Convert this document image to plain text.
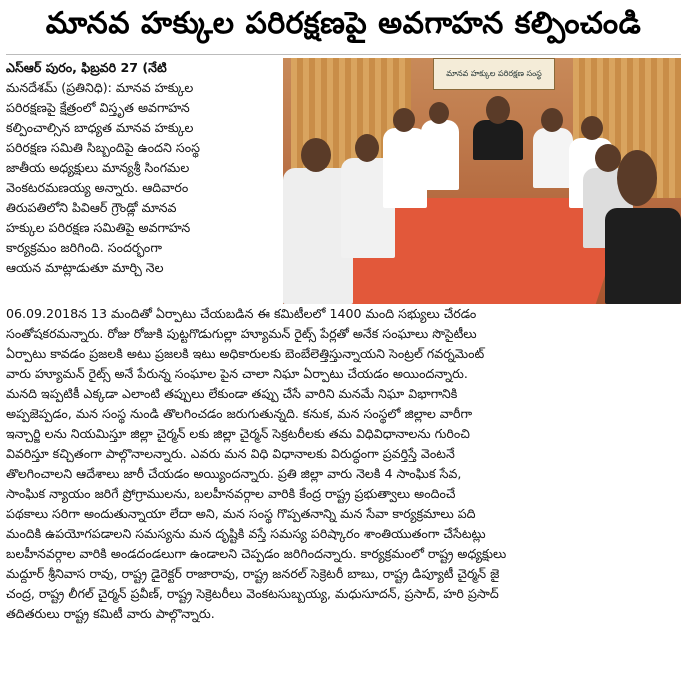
మానవ హక్కుల పరిరక్షణపై అవగాహన కల్పించండి
మానవ హక్కుల పరిరక్షణ సంస్థ
ఎస్‌ఆర్ పురం, ఫిబ్రవరి 27 (నేటి
మనదేశమ్ (ప్రతినిధి): మానవ హక్కుల
పరిరక్షణపై క్షేత్రంలో విస్తృత అవగాహన
కల్పించాల్సిన బాధ్యత మానవ హక్కుల
పరిరక్షణ సమితి సిబ్బందిపై ఉందని సంస్థ
జాతీయ అధ్యక్షులు మాన్యశ్రీ సింగమల
వెంకటరమణయ్య అన్నారు. ఆదివారం
తిరుపతిలోని పివిఆర్ గ్రౌండ్లో మానవ
హక్కుల పరిరక్షణ సమితిపై అవగాహన
కార్యక్రమం జరిగింది. సందర్భంగా
ఆయన మాట్లాడుతూ మార్చి నెల
06.09.2018న 13 మందితో ఏర్పాటు చేయబడిన ఈ కమిటీలలో 1400 మంది సభ్యులు చేరడం
సంతోషకరమన్నారు. రోజు రోజుకి పుట్టగొడుగుల్లా హ్యూమన్ రైట్స్ పేర్లతో అనేక సంఘాలు సొసైటీలు
ఏర్పాటు కావడం ప్రజలకి అటు ప్రజలకి ఇటు అధికారులకు బెంబేలెత్తిస్తున్నాయని సెంట్రల్ గవర్నమెంట్
వారు హ్యూమన్ రైట్స్ అనే పేరున్న సంఘాల పైన చాలా నిఘా ఏర్పాటు చేయడం అయిందన్నారు.
మనది ఇప్పటికీ ఎక్కడా ఎలాంటి తప్పులు లేకుండా తప్పు చేసే వారిని మనమే నిఘా విభాగానికి
అప్పజెప్పడం, మన సంస్థ నుండి తొలగించడం జరుగుతున్నది. కనుక, మన సంస్థలో జిల్లాల వారీగా
ఇన్చార్జి లను నియమిస్తూ జిల్లా చైర్మన్ లకు జిల్లా చైర్మన్ సెక్రటరీలకు తమ విధివిధానాలను గురించి
వివరిస్తూ కచ్చితంగా పాల్గొనాలన్నారు. ఎవరు మన విధి విధానాలకు విరుద్ధంగా ప్రవర్తిస్తే వెంటనే
తొలగించాలని ఆదేశాలు జారీ చేయడం అయ్యిందన్నారు. ప్రతి జిల్లా వారు నెలకి 4 సాంఘిక సేవ,
సాంఘిక న్యాయం జరిగే ప్రోగ్రాములను, బలహీనవర్గాల వారికి కేంద్ర రాష్ట్ర ప్రభుత్వాలు అందించే
పథకాలు సరిగా అందుతున్నాయా లేదా అని, మన సంస్థ గొప్పతనాన్ని మన సేవా కార్యక్రమాలు పది
మందికి ఉపయోగపడాలని సమస్యను మన దృష్టికి వస్తే సమస్య పరిష్కారం శాంతియుతంగా చేసేటట్లు
బలహీనవర్గాల వారికి అండదండలుగా ఉండాలని చెప్పడం జరిగిందన్నారు. కార్యక్రమంలో రాష్ట్ర అధ్యక్షులు
మద్దూర్ శ్రీనివాస రావు, రాష్ట్ర డైరెక్టర్ రాజారావు, రాష్ట్ర జనరల్ సెక్రెటరీ బాబు, రాష్ట్ర డిప్యూటీ చైర్మన్ జై
చంద్ర, రాష్ట్ర లీగల్ చైర్మన్ ప్రవీణ్, రాష్ట్ర సెక్రెటరీలు వెంకటసుబ్బయ్య, మధుసూదన్, ప్రసాద్, హరి ప్రసాద్
తదితరులు రాష్ట్ర కమిటీ వారు పాల్గొన్నారు.
